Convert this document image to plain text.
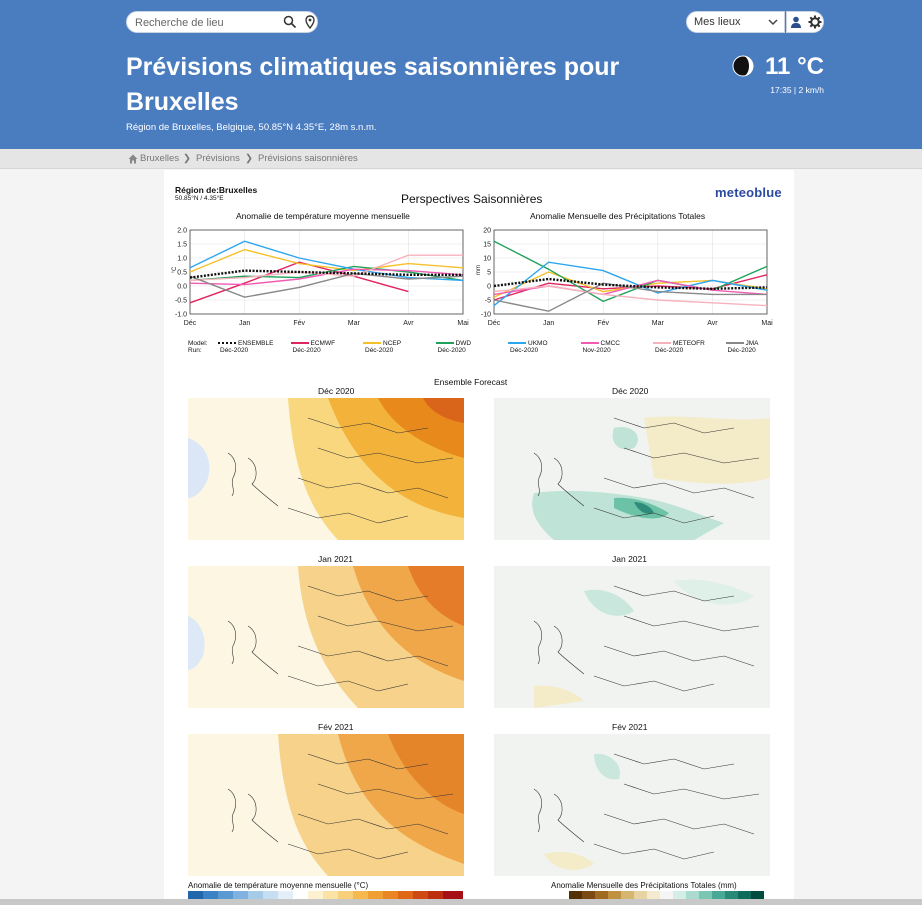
Recherche de lieu
Mes lieux
Prévisions climatiques saisonnières pour Bruxelles
Région de Bruxelles, Belgique, 50.85°N 4.35°E, 28m s.n.m.
11 °C
17:35 | 2 km/h
Bruxelles ❯ Prévisions ❯ Prévisions saisonnières
Région de:Bruxelles
50.85°N / 4.35°E	Perspectives Saisonnières	meteoblue
Anomalie de température moyenne mensuelle	Anomalie Mensuelle des Précipitations Totales
2.0
1.5
1.0
0.5
0.0
-0.5
-1.0
Déc	Jan	Fév	Mar	Avr	Mai
°C
20
15
10
5
0
-5
-10
Déc	Jan	Fév	Mar	Avr	Mai
mm
Model:
Run:
ENSEMBLE
Déc-2020
ECMWF
Déc-2020
NCEP
Déc-2020
DWD
Déc-2020
UKMO
Déc-2020
CMCC
Nov-2020
METEOFR
Déc-2020
JMA
Déc-2020
Ensemble Forecast
Déc 2020	Déc 2020
Jan 2021	Jan 2021
Fév 2021	Fév 2021
Anomalie de température moyenne mensuelle (°C)	Anomalie Mensuelle des Précipitations Totales (mm)
